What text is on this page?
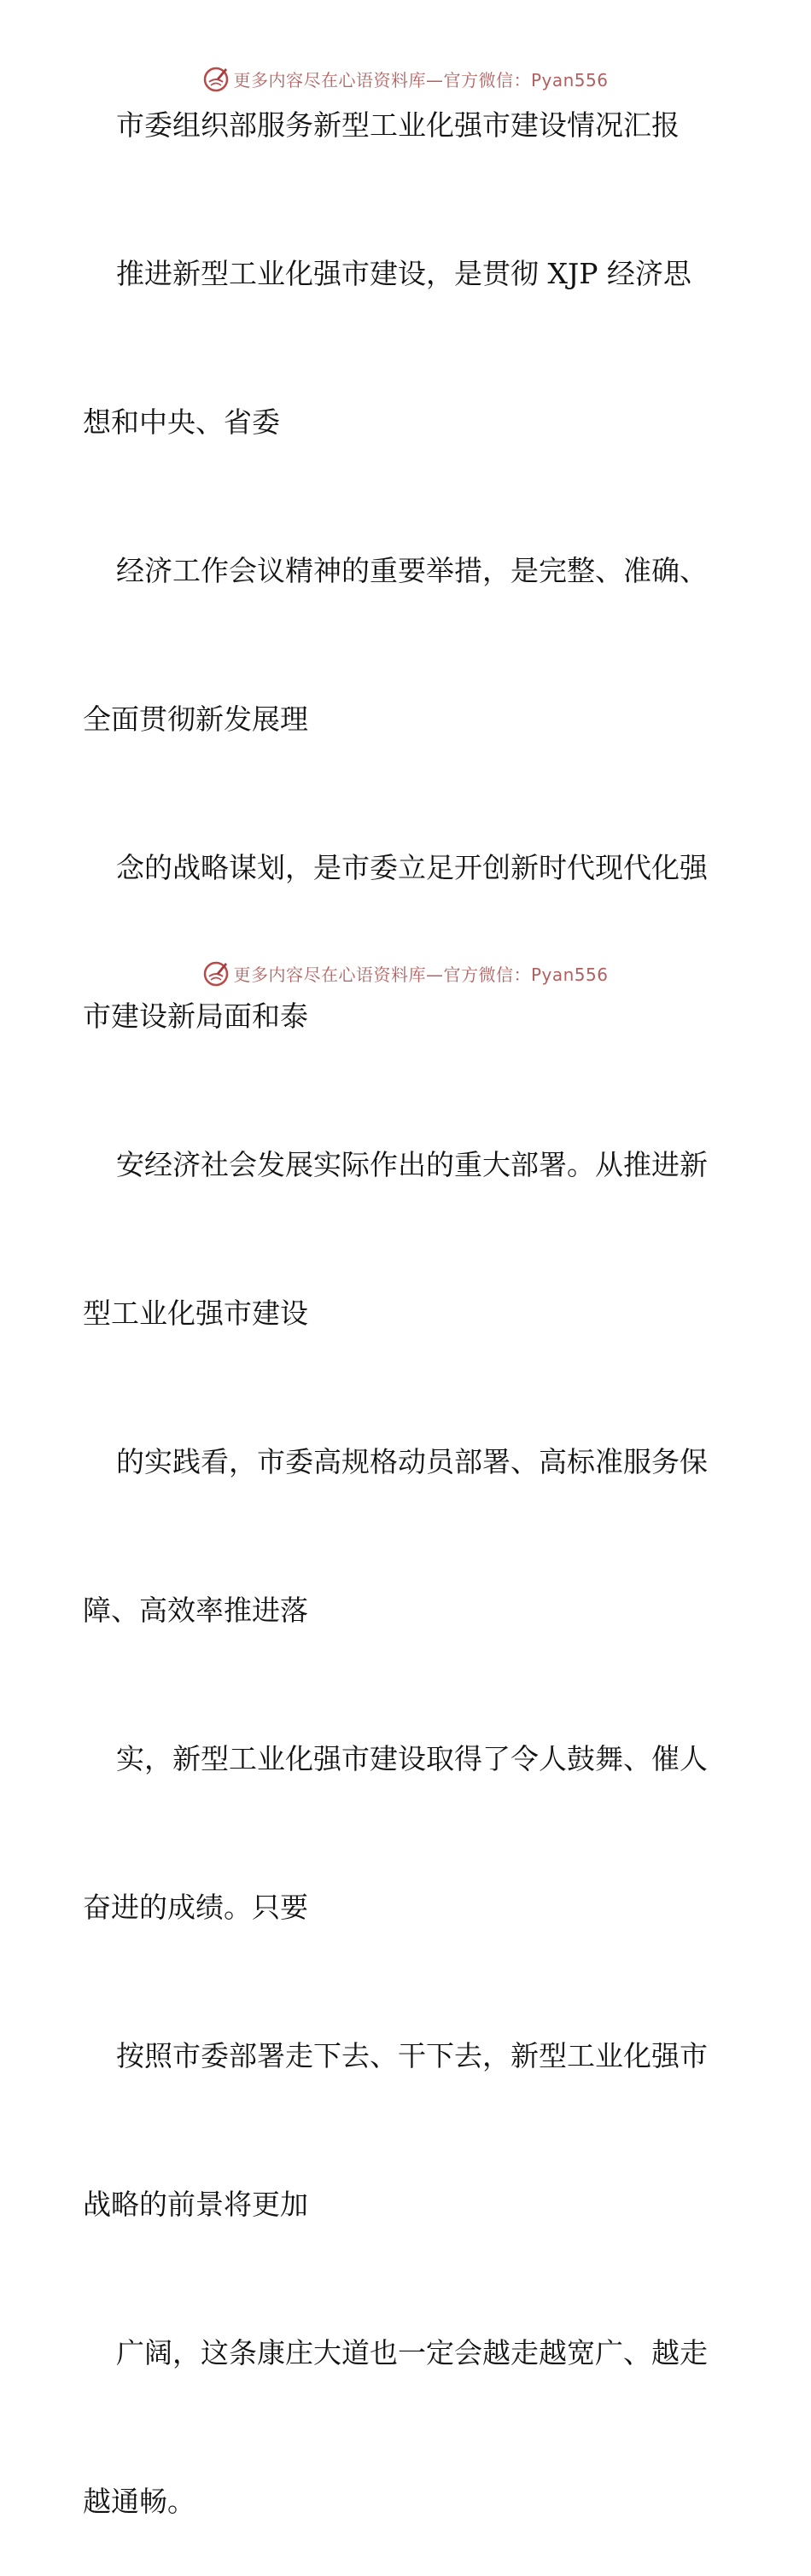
更多内容尽在心语资料库—官方微信：Pyan556
市委组织部服务新型工业化强市建设情况汇报

推进新型工业化强市建设，是贯彻 XJP 经济思

想和中央、省委

经济工作会议精神的重要举措，是完整、准确、

全面贯彻新发展理

念的战略谋划，是市委立足开创新时代现代化强

市建设新局面和泰

安经济社会发展实际作出的重大部署。从推进新

型工业化强市建设

的实践看，市委高规格动员部署、高标准服务保

障、高效率推进落

实，新型工业化强市建设取得了令人鼓舞、催人

奋进的成绩。只要

按照市委部署走下去、干下去，新型工业化强市

战略的前景将更加

广阔，这条康庄大道也一定会越走越宽广、越走

越通畅。

更多内容尽在心语资料库—官方微信：Pyan556
